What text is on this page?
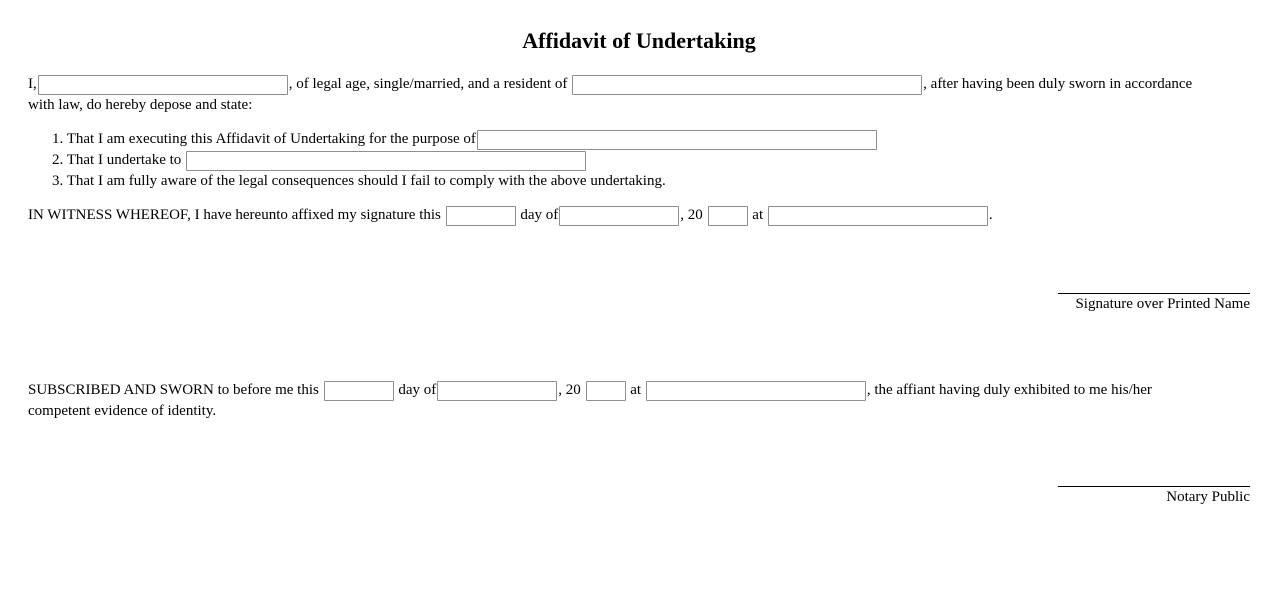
Affidavit of Undertaking
I,	, of legal age, single/married, and a resident of	, after having been duly sworn in accordance
with law, do hereby depose and state:
1. That I am executing this Affidavit of Undertaking for the purpose of
2. That I undertake to
3. That I am fully aware of the legal consequences should I fail to comply with the above undertaking.
IN WITNESS WHEREOF, I have hereunto affixed my signature this	day of	, 20	at	.
Signature over Printed Name
SUBSCRIBED AND SWORN to before me this	day of	, 20	at	, the affiant having duly exhibited to me his/her
competent evidence of identity.
Notary Public
